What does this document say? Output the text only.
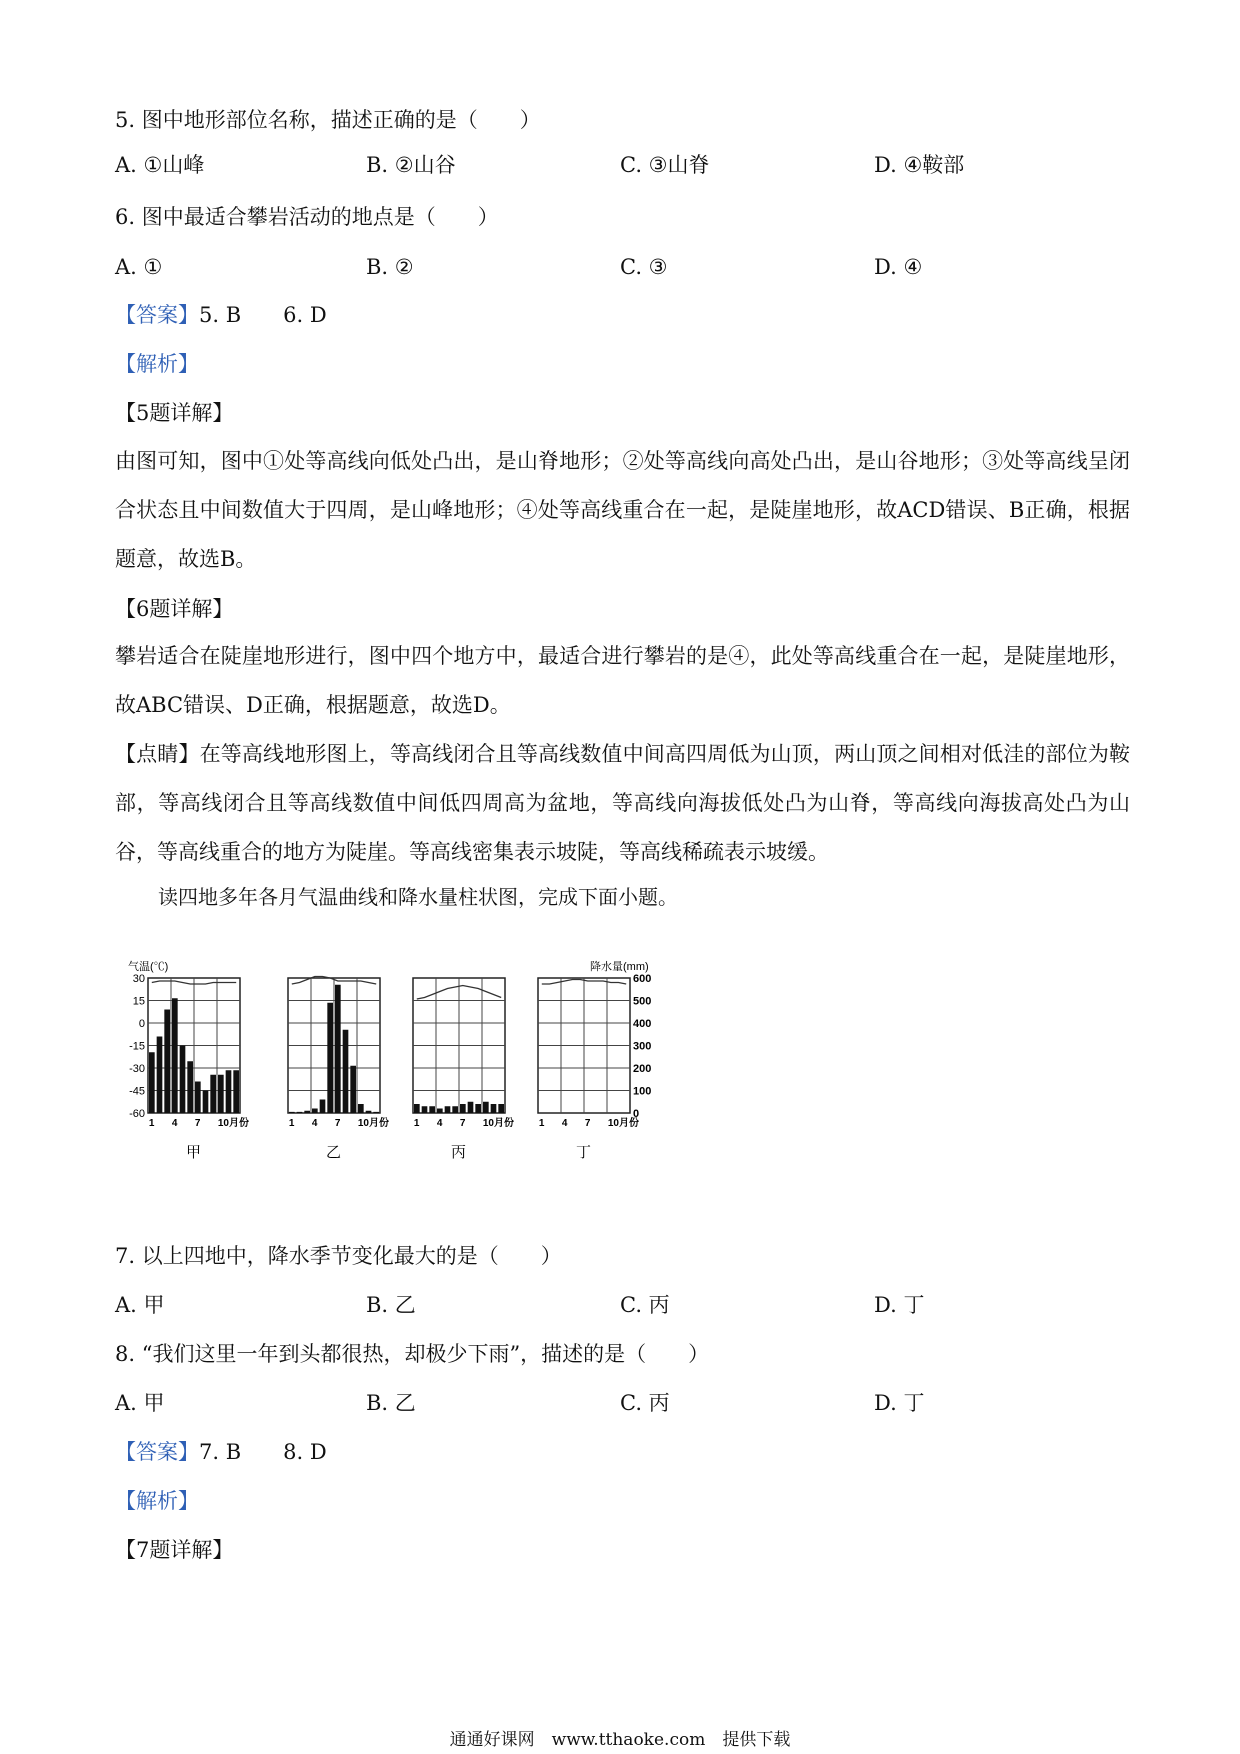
5. 图中地形部位名称，描述正确的是（　　）
A. ①山峰	B. ②山谷	C. ③山脊	D. ④鞍部
6. 图中最适合攀岩活动的地点是（　　）
A. ①	B. ②	C. ③	D. ④
【答案】5. B　　6. D
【解析】
【5题详解】
由图可知，图中①处等高线向低处凸出，是山脊地形；②处等高线向高处凸出，是山谷地形；③处等高线呈闭合状态且中间数值大于四周，是山峰地形；④处等高线重合在一起，是陡崖地形，故ACD错误、B正确，根据题意，故选B。
【6题详解】
攀岩适合在陡崖地形进行，图中四个地方中，最适合进行攀岩的是④，此处等高线重合在一起，是陡崖地形，故ABC错误、D正确，根据题意，故选D。
【点睛】在等高线地形图上，等高线闭合且等高线数值中间高四周低为山顶，两山顶之间相对低洼的部位为鞍部，等高线闭合且等高线数值中间低四周高为盆地，等高线向海拔低处凸为山脊，等高线向海拔高处凸为山谷，等高线重合的地方为陡崖。等高线密集表示坡陡，等高线稀疏表示坡缓。
读四地多年各月气温曲线和降水量柱状图，完成下面小题。
1 4 7 10月份
甲
1 4 7 10月份
乙
1 4 7 10月份
丙
1 4 7 10月份
丁
气温(℃)
30
15
0
-15
-30
-45
-60
降水量(mm)
600
500
400
300
200
100
0
7. 以上四地中，降水季节变化最大的是（　　）
A. 甲	B. 乙	C. 丙	D. 丁
8. “我们这里一年到头都很热，却极少下雨”，描述的是（　　）
A. 甲	B. 乙	C. 丙	D. 丁
【答案】7. B　　8. D
【解析】
【7题详解】
通通好课网　www.tthaoke.com　提供下载
